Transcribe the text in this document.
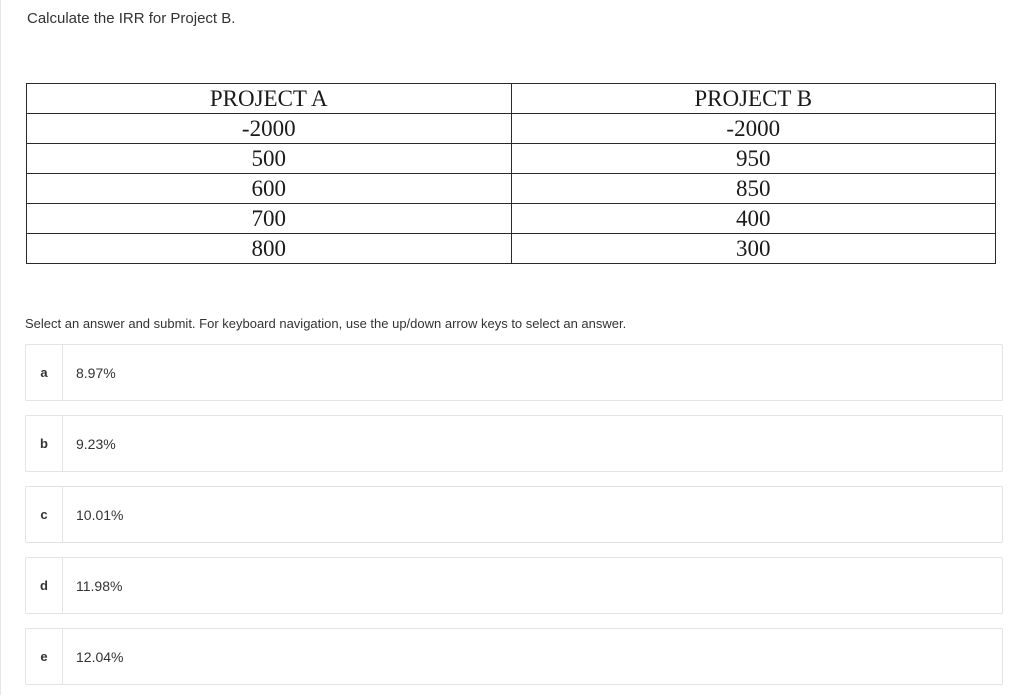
Calculate the IRR for Project B.
PROJECT A	PROJECT B
-2000	-2000
500	950
600	850
700	400
800	300
Select an answer and submit. For keyboard navigation, use the up/down arrow keys to select an answer.
a	8.97%
b	9.23%
c	10.01%
d	11.98%
e	12.04%
